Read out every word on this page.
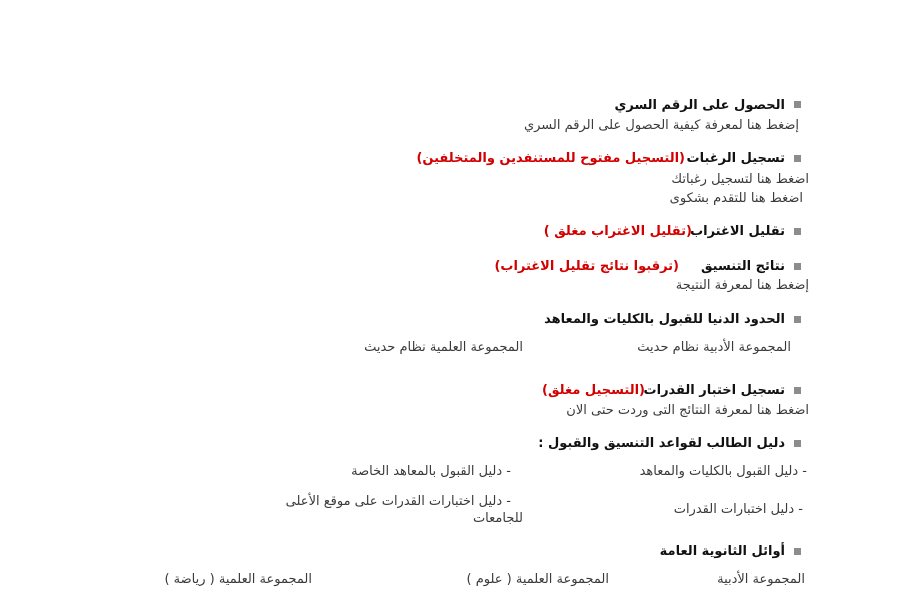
الحصول على الرقم السري
إضغط هنا لمعرفة كيفية الحصول على الرقم السري
تسجيل الرغبات
(التسجيل مفتوح للمستنفدين والمتخلفين)
اضغط هنا لتسجيل رغباتك
اضغط هنا للتقدم بشكوى
تقليل الاغتراب
(تقليل الاغتراب مغلق )
نتائج التنسيق
(ترقبوا نتائج تقليل الاغتراب)
إضغط هنا لمعرفة النتيجة
الحدود الدنيا للقبول بالكليات والمعاهد
المجموعة الأدبية نظام حديث
المجموعة العلمية نظام حديث
تسجيل اختبار القدرات
(التسجيل مغلق)
اضغط هنا لمعرفة النتائج التى وردت حتى الان
دليل الطالب لقواعد التنسيق والقبول :
- دليل القبول بالكليات والمعاهد
- دليل القبول بالمعاهد الخاصة
- دليل اختبارات القدرات
- دليل اختبارات القدرات على موقع الأعلى
للجامعات
أوائل الثانوية العامة
المجموعة الأدبية
المجموعة العلمية ( علوم )
المجموعة العلمية ( رياضة )
